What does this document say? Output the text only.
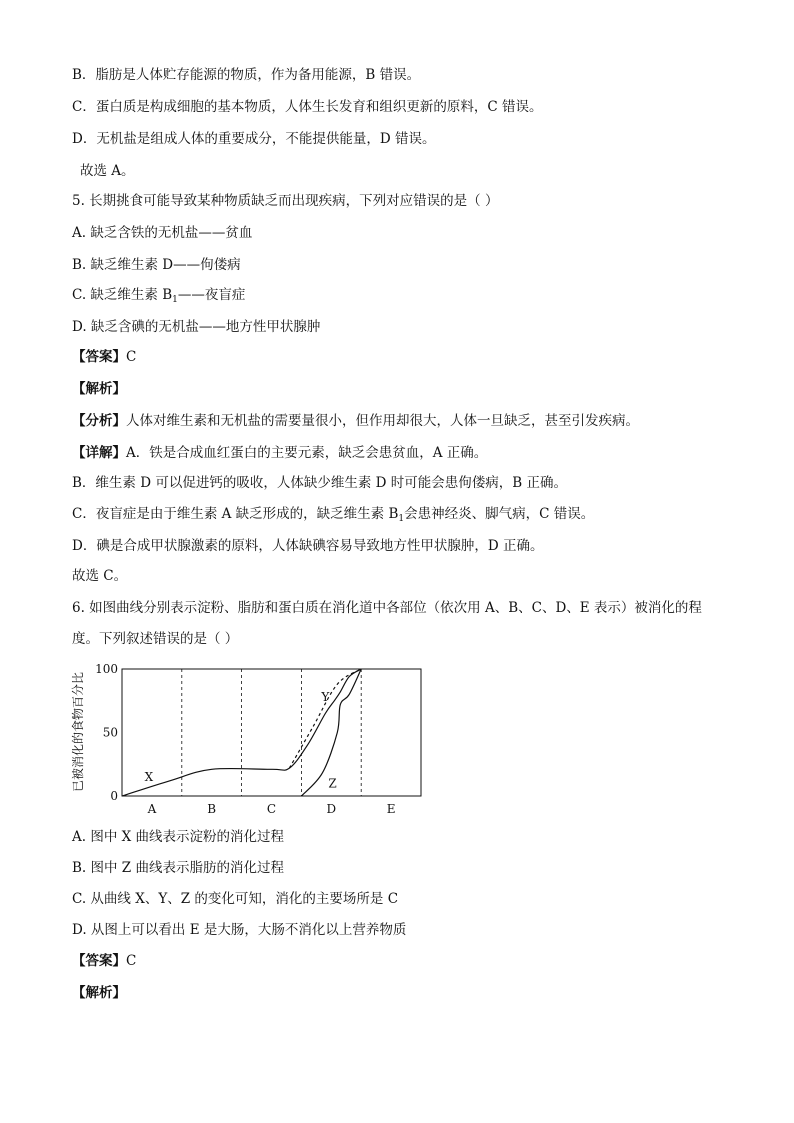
B．脂肪是人体贮存能源的物质，作为备用能源，B 错误。
C．蛋白质是构成细胞的基本物质，人体生长发育和组织更新的原料，C 错误。
D．无机盐是组成人体的重要成分，不能提供能量，D 错误。
故选 A。
5. 长期挑食可能导致某种物质缺乏而出现疾病，下列对应错误的是（ ）
A. 缺乏含铁的无机盐——贫血
B. 缺乏维生素 D——佝偻病
C. 缺乏维生素 $B_1——$夜盲症
D. 缺乏含碘的无机盐——地方性甲状腺肿
【答案】C
【解析】
【分析】人体对维生素和无机盐的需要量很小，但作用却很大，人体一旦缺乏，甚至引发疾病。
【详解】A．铁是合成血红蛋白的主要元素，缺乏会患贫血，A 正确。
B．维生素 D 可以促进钙的吸收，人体缺少维生素 D 时可能会患佝偻病，B 正确。
C．夜盲症是由于维生素 A 缺乏形成的，缺乏维生素 $B_1$会患神经炎、脚气病，C 错误。
D．碘是合成甲状腺激素的原料，人体缺碘容易导致地方性甲状腺肿，D 正确。
故选 C。
6. 如图曲线分别表示淀粉、脂肪和蛋白质在消化道中各部位（依次用 A、B、C、D、E 表示）被消化的程
度。下列叙述错误的是（ ）
已被消化的食物百分比
0
50
100
A	B	C	D	E
X
Y
Z
A. 图中 X 曲线表示淀粉的消化过程
B. 图中 Z 曲线表示脂肪的消化过程
C. 从曲线 X、Y、Z 的变化可知，消化的主要场所是 C
D. 从图上可以看出 E 是大肠，大肠不消化以上营养物质
【答案】C
【解析】
